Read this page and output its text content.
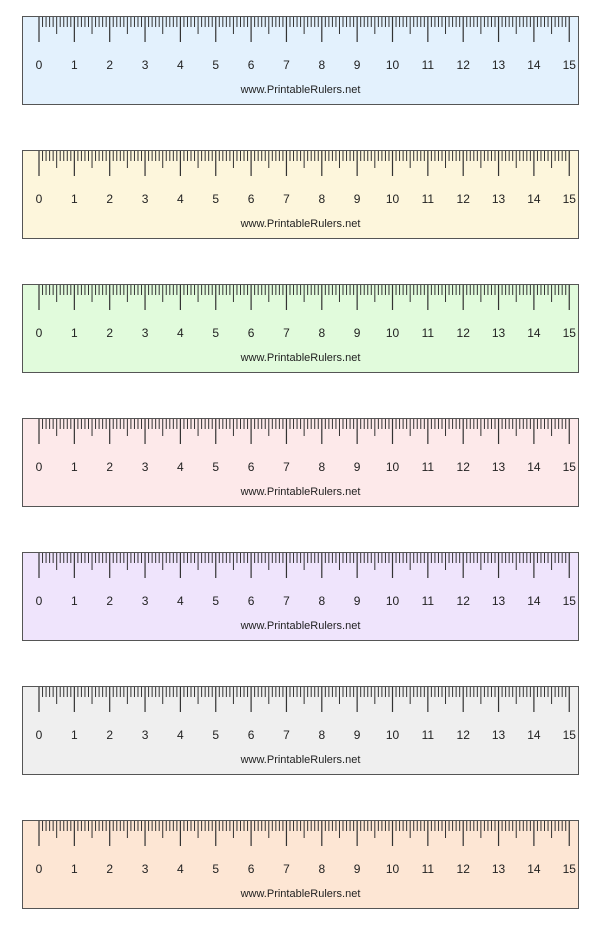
0 1 2 3 4 5 6 7 8 9 10 11 12 13 14 15
www.PrintableRulers.net
0 1 2 3 4 5 6 7 8 9 10 11 12 13 14 15
www.PrintableRulers.net
0 1 2 3 4 5 6 7 8 9 10 11 12 13 14 15
www.PrintableRulers.net
0 1 2 3 4 5 6 7 8 9 10 11 12 13 14 15
www.PrintableRulers.net
0 1 2 3 4 5 6 7 8 9 10 11 12 13 14 15
www.PrintableRulers.net
0 1 2 3 4 5 6 7 8 9 10 11 12 13 14 15
www.PrintableRulers.net
0 1 2 3 4 5 6 7 8 9 10 11 12 13 14 15
www.PrintableRulers.net
